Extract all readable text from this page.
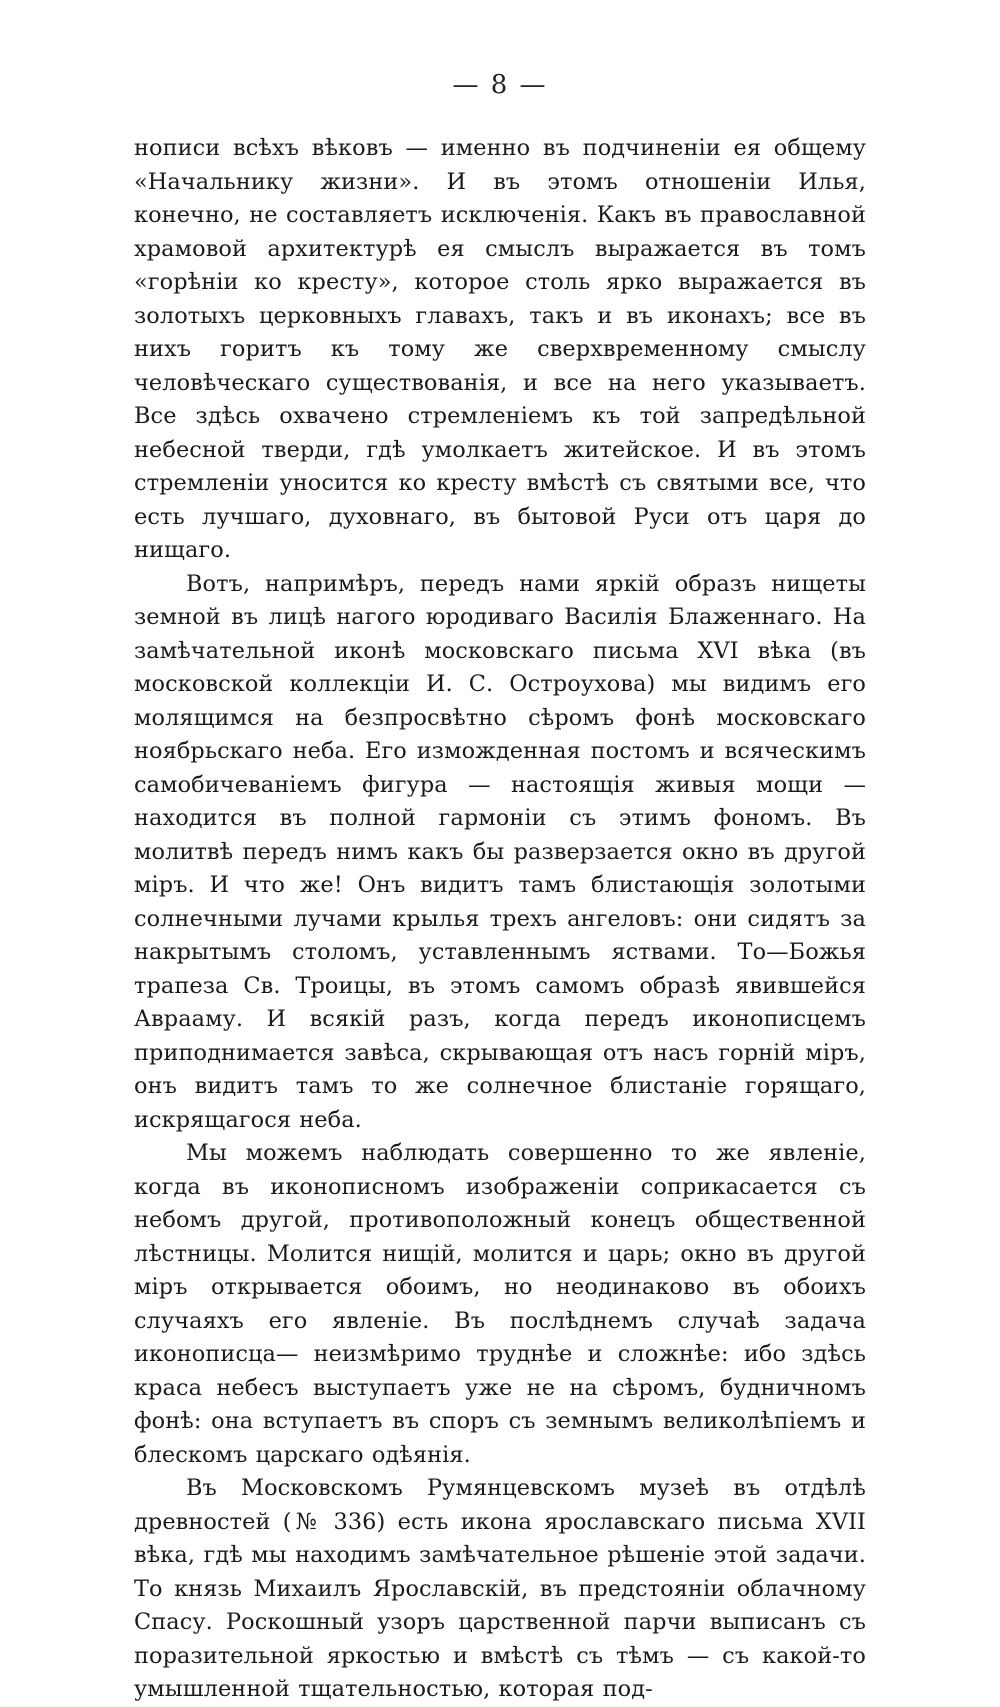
— 8 —

нописи всѣхъ вѣковъ — именно въ подчиненіи ея общему «Начальнику жизни». И въ этомъ отношеніи Илья, конечно, не составляетъ исключенія. Какъ въ православной храмовой архитектурѣ ея смыслъ выражается въ томъ «горѣніи ко кресту», которое столь ярко выражается въ золотыхъ церковныхъ главахъ, такъ и въ иконахъ; все въ нихъ горитъ къ тому же сверхвременному смыслу человѣческаго существованія, и все на него указываетъ. Все здѣсь охвачено стремленіемъ къ той запредѣльной небесной тверди, гдѣ умолкаетъ житейское. И въ этомъ стремленіи уносится ко кресту вмѣстѣ съ святыми все, что есть лучшаго, духовнаго, въ бытовой Руси отъ царя до нищаго.

Вотъ, напримѣръ, передъ нами яркій образъ нищеты земной въ лицѣ нагого юродиваго Василія Блаженнаго. На замѣчательной иконѣ московскаго письма XVI вѣка (въ московской коллекціи И. С. Остроухова) мы видимъ его молящимся на безпросвѣтно сѣромъ фонѣ московскаго ноябрьскаго неба. Его изможденная постомъ и всяческимъ самобичеваніемъ фигура — настоящія живыя мощи — находится въ полной гармоніи съ этимъ фономъ. Въ молитвѣ передъ нимъ какъ бы разверзается окно въ другой міръ. И что же! Онъ видитъ тамъ блистающія золотыми солнечными лучами крылья трехъ ангеловъ: они сидятъ за накрытымъ столомъ, уставленнымъ яствами. То—Божья трапеза Св. Троицы, въ этомъ самомъ образѣ явившейся Аврааму. И всякій разъ, когда передъ иконописцемъ приподнимается завѣса, скрывающая отъ насъ горній міръ, онъ видитъ тамъ то же солнечное блистаніе горящаго, искрящагося неба.

Мы можемъ наблюдать совершенно то же явленіе, когда въ иконописномъ изображеніи соприкасается съ небомъ другой, противоположный конецъ общественной лѣстницы. Молится нищій, молится и царь; окно въ другой міръ открывается обоимъ, но неодинаково въ обоихъ случаяхъ его явленіе. Въ послѣднемъ случаѣ задача иконописца— неизмѣримо труднѣе и сложнѣе: ибо здѣсь краса небесъ выступаетъ уже не на сѣромъ, будничномъ фонѣ: она вступаетъ въ споръ съ земнымъ великолѣпіемъ и блескомъ царскаго одѣянія.

Въ Московскомъ Румянцевскомъ музеѣ въ отдѣлѣ древностей (№ 336) есть икона ярославскаго письма XVII вѣка, гдѣ мы находимъ замѣчательное рѣшеніе этой задачи. То князь Михаилъ Ярославскій, въ предстояніи облачному Спасу. Роскошный узоръ царственной парчи выписанъ съ поразительной яркостью и вмѣстѣ съ тѣмъ — съ какой-то умышленной тщательностью, которая под-
